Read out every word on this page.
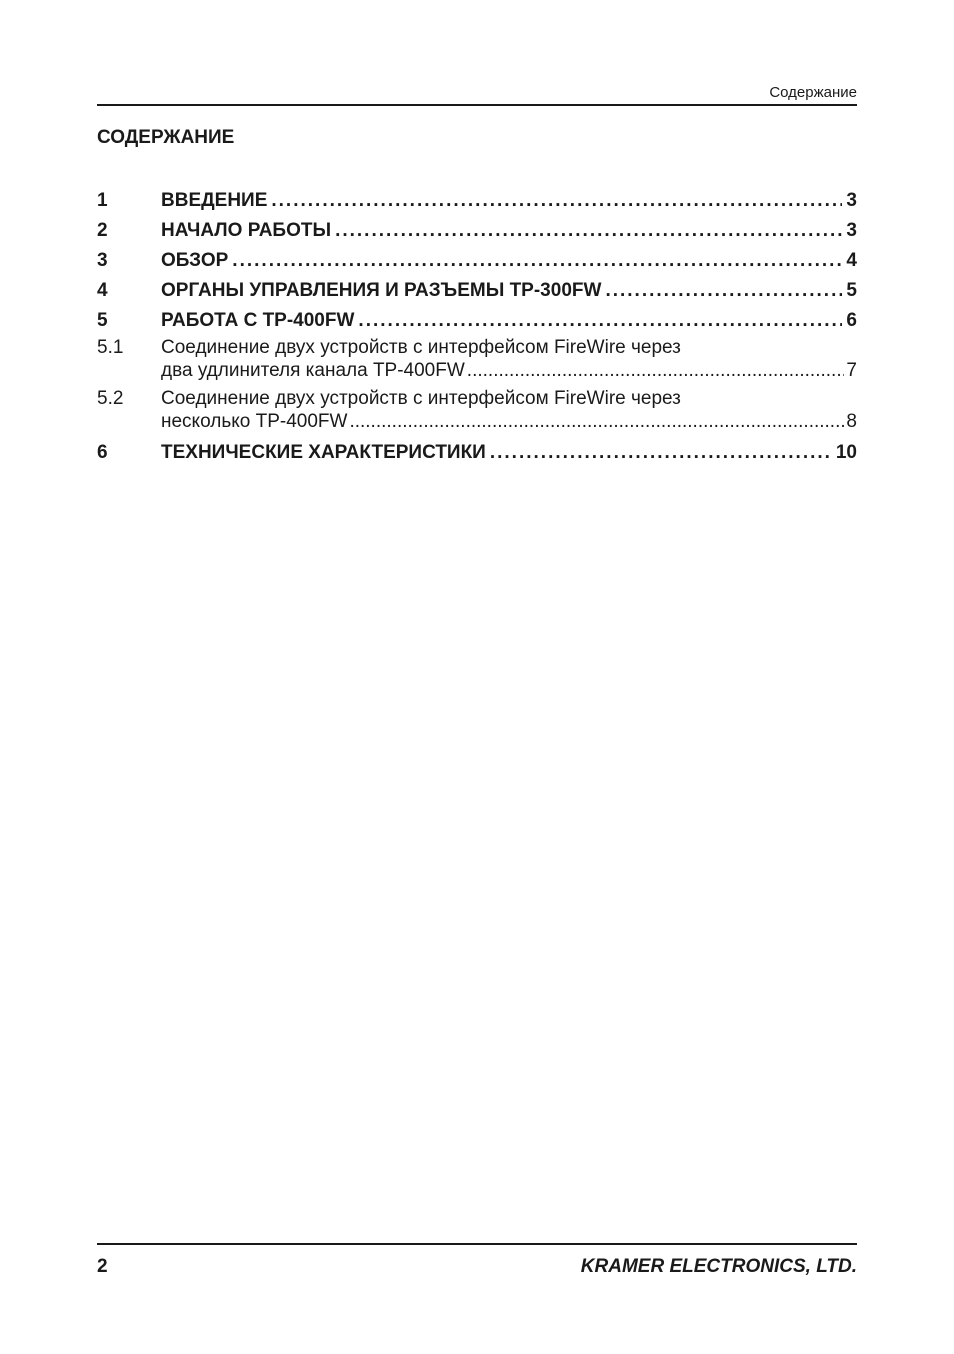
Содержание
СОДЕРЖАНИЕ
1	ВВЕДЕНИЕ .....	3
2	НАЧАЛО РАБОТЫ .....	3
3	ОБЗОР .....	4
4	ОРГАНЫ УПРАВЛЕНИЯ И РАЗЪЕМЫ TP-300FW .....	5
5	РАБОТА С TP-400FW .....	6
5.1	Соединение двух устройств с интерфейсом FireWire через
два удлинителя канала TP-400FW .....	7
5.2	Соединение двух устройств с интерфейсом FireWire через
несколько TP-400FW .....	8
6	ТЕХНИЧЕСКИЕ ХАРАКТЕРИСТИКИ .....	10
2	KRAMER ELECTRONICS, LTD.
